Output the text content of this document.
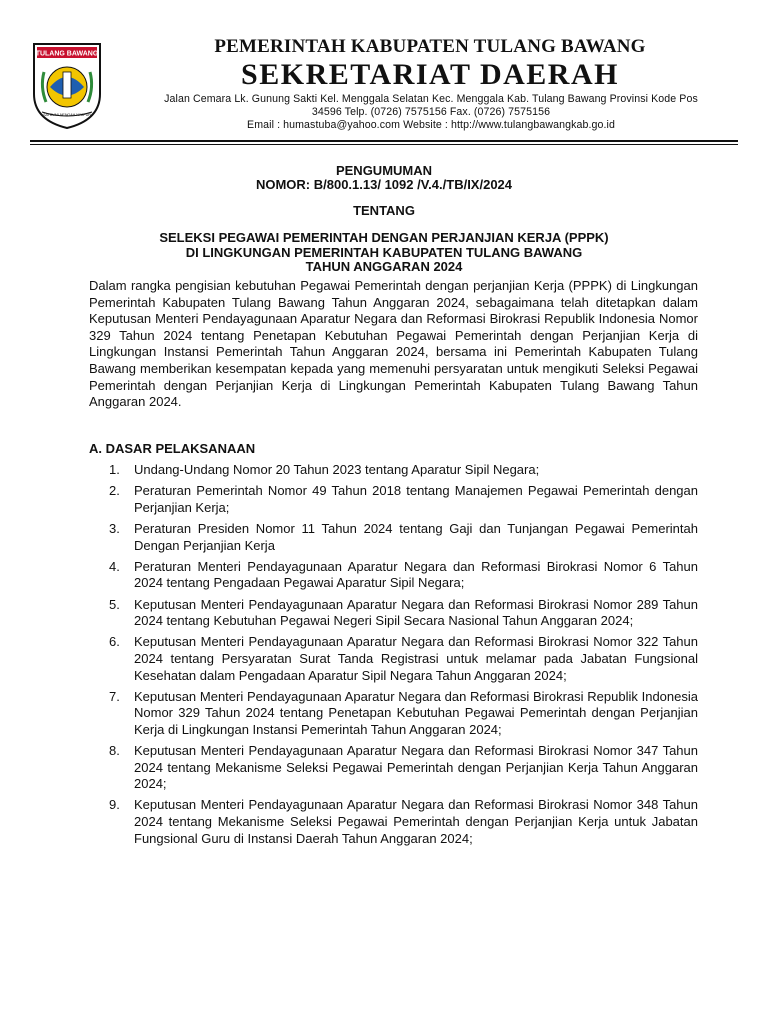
TULANG BAWANG
SAI BUMI NENGAH NYAPUR
PEMERINTAH KABUPATEN TULANG BAWANG
SEKRETARIAT DAERAH
Jalan Cemara Lk. Gunung Sakti Kel. Menggala Selatan Kec. Menggala Kab. Tulang Bawang Provinsi Kode Pos
34596 Telp. (0726) 7575156 Fax. (0726) 7575156
Email : humastuba@yahoo.com Website : http://www.tulangbawangkab.go.id
PENGUMUMAN
NOMOR: B/800.1.13/ 1092 /V.4./TB/IX/2024
TENTANG
SELEKSI PEGAWAI PEMERINTAH DENGAN PERJANJIAN KERJA (PPPK)
DI LINGKUNGAN PEMERINTAH KABUPATEN TULANG BAWANG
TAHUN ANGGARAN 2024
Dalam rangka pengisian kebutuhan Pegawai Pemerintah dengan perjanjian Kerja (PPPK) di Lingkungan Pemerintah Kabupaten Tulang Bawang Tahun Anggaran 2024, sebagaimana telah ditetapkan dalam Keputusan Menteri Pendayagunaan Aparatur Negara dan Reformasi Birokrasi Republik Indonesia Nomor 329 Tahun 2024 tentang Penetapan Kebutuhan Pegawai Pemerintah dengan Perjanjian Kerja di Lingkungan Instansi Pemerintah Tahun Anggaran 2024, bersama ini Pemerintah Kabupaten Tulang Bawang memberikan kesempatan kepada yang memenuhi persyaratan untuk mengikuti Seleksi Pegawai Pemerintah dengan Perjanjian Kerja di Lingkungan Pemerintah Kabupaten Tulang Bawang Tahun Anggaran 2024.
A. DASAR PELAKSANAAN
1.	Undang-Undang Nomor 20 Tahun 2023 tentang Aparatur Sipil Negara;
2.	Peraturan Pemerintah Nomor 49 Tahun 2018 tentang Manajemen Pegawai Pemerintah dengan Perjanjian Kerja;
3.	Peraturan Presiden Nomor 11 Tahun 2024 tentang Gaji dan Tunjangan Pegawai Pemerintah Dengan Perjanjian Kerja
4.	Peraturan Menteri Pendayagunaan Aparatur Negara dan Reformasi Birokrasi Nomor 6 Tahun 2024 tentang Pengadaan Pegawai Aparatur Sipil Negara;
5.	Keputusan Menteri Pendayagunaan Aparatur Negara dan Reformasi Birokrasi Nomor 289 Tahun 2024 tentang Kebutuhan Pegawai Negeri Sipil Secara Nasional Tahun Anggaran 2024;
6.	Keputusan Menteri Pendayagunaan Aparatur Negara dan Reformasi Birokrasi Nomor 322 Tahun 2024 tentang Persyaratan Surat Tanda Registrasi untuk melamar pada Jabatan Fungsional Kesehatan dalam Pengadaan Aparatur Sipil Negara Tahun Anggaran 2024;
7.	Keputusan Menteri Pendayagunaan Aparatur Negara dan Reformasi Birokrasi Republik Indonesia Nomor 329 Tahun 2024 tentang Penetapan Kebutuhan Pegawai Pemerintah dengan Perjanjian Kerja di Lingkungan Instansi Pemerintah Tahun Anggaran 2024;
8.	Keputusan Menteri Pendayagunaan Aparatur Negara dan Reformasi Birokrasi Nomor 347 Tahun 2024 tentang Mekanisme Seleksi Pegawai Pemerintah dengan Perjanjian Kerja Tahun Anggaran 2024;
9.	Keputusan Menteri Pendayagunaan Aparatur Negara dan Reformasi Birokrasi Nomor 348 Tahun 2024 tentang Mekanisme Seleksi Pegawai Pemerintah dengan Perjanjian Kerja untuk Jabatan Fungsional Guru di Instansi Daerah Tahun Anggaran 2024;
